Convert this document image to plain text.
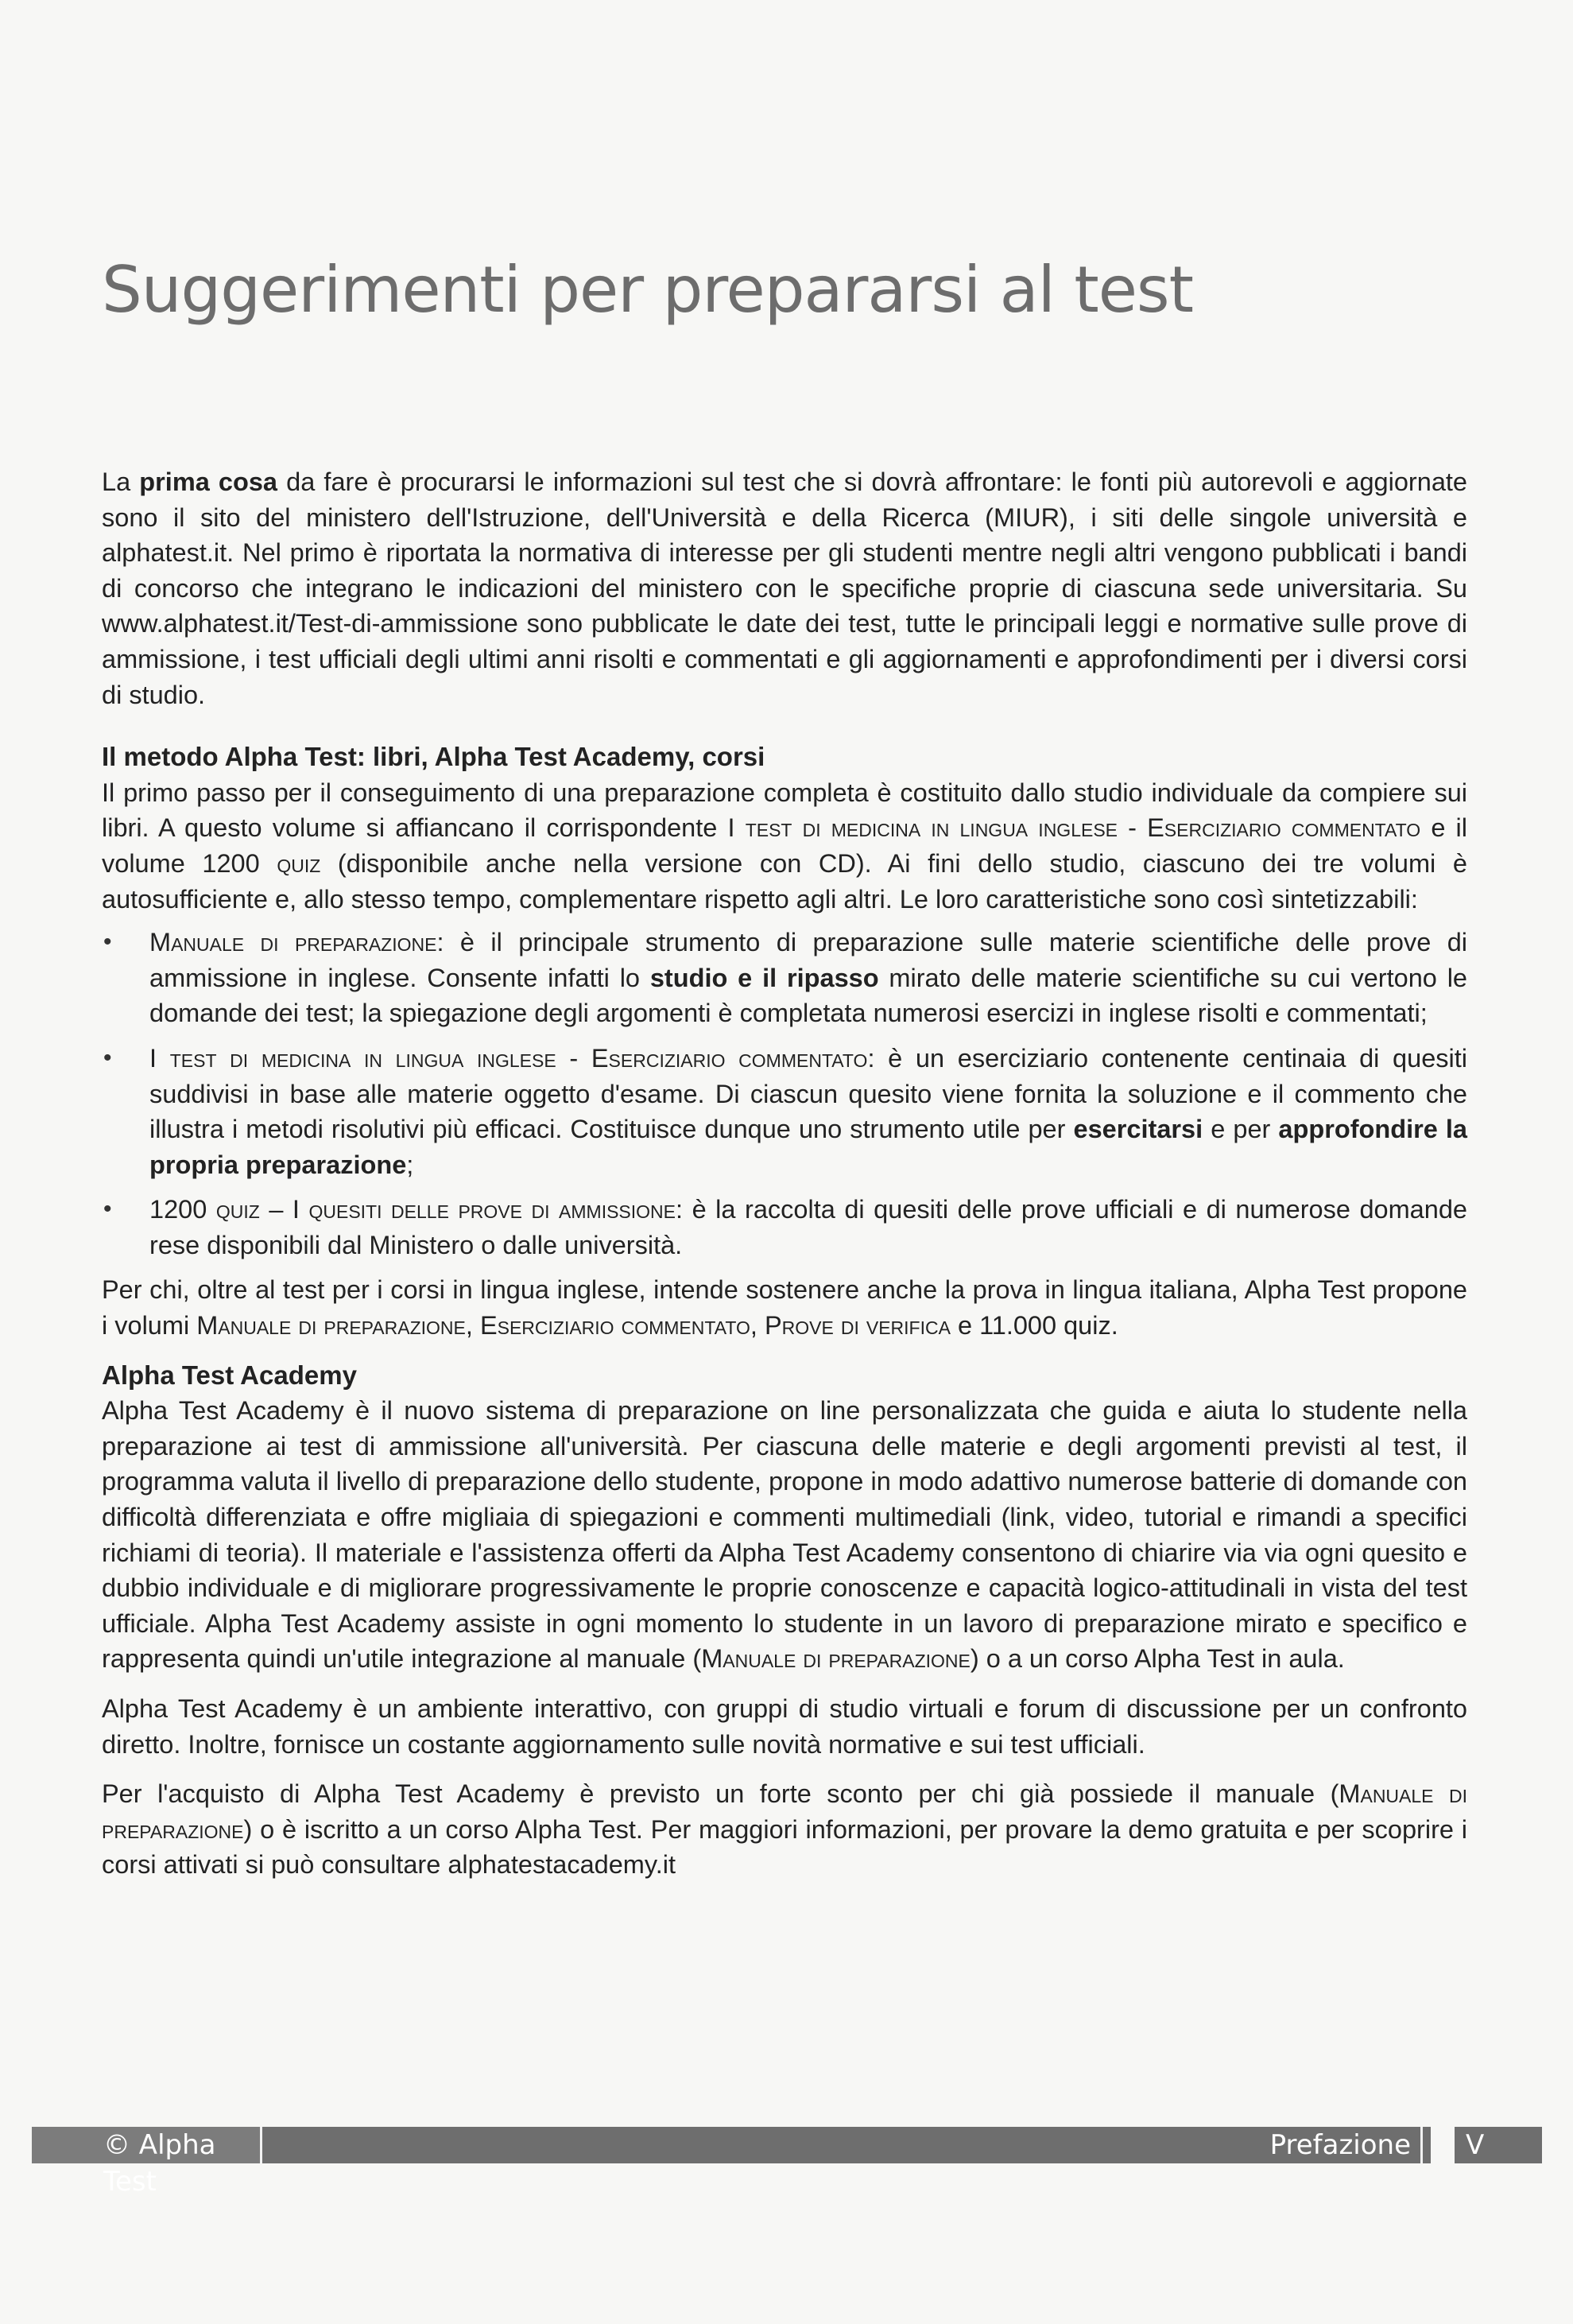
Suggerimenti per prepararsi al test

La prima cosa da fare è procurarsi le informazioni sul test che si dovrà affrontare: le fonti più autorevoli e aggiornate sono il sito del ministero dell'Istruzione, dell'Università e della Ricerca (MIUR), i siti delle singole università e alphatest.it. Nel primo è riportata la normativa di interesse per gli studenti mentre negli altri vengono pubblicati i bandi di concorso che integrano le indicazioni del ministero con le specifiche proprie di ciascuna sede universitaria. Su www.alphatest.it/Test-di-ammissione sono pubblicate le date dei test, tutte le principali leggi e normative sulle prove di ammissione, i test ufficiali degli ultimi anni risolti e commentati e gli aggiornamenti e approfondimenti per i diversi corsi di studio.

Il metodo Alpha Test: libri, Alpha Test Academy, corsi

Il primo passo per il conseguimento di una preparazione completa è costituito dallo studio individuale da compiere sui libri. A questo volume si affiancano il corrispondente I test di medicina in lingua inglese - Eserciziario commentato e il volume 1200 quiz (disponibile anche nella versione con CD). Ai fini dello studio, ciascuno dei tre volumi è autosufficiente e, allo stesso tempo, complementare rispetto agli altri. Le loro caratteristiche sono così sintetizzabili:

• Manuale di preparazione: è il principale strumento di preparazione sulle materie scientifiche delle prove di ammissione in inglese. Consente infatti lo studio e il ripasso mirato delle materie scientifiche su cui vertono le domande dei test; la spiegazione degli argomenti è completata numerosi esercizi in inglese risolti e commentati;
• I test di medicina in lingua inglese - Eserciziario commentato: è un eserciziario contenente centinaia di quesiti suddivisi in base alle materie oggetto d'esame. Di ciascun quesito viene fornita la soluzione e il commento che illustra i metodi risolutivi più efficaci. Costituisce dunque uno strumento utile per esercitarsi e per approfondire la propria preparazione;
• 1200 quiz – I quesiti delle prove di ammissione: è la raccolta di quesiti delle prove ufficiali e di numerose domande rese disponibili dal Ministero o dalle università.

Per chi, oltre al test per i corsi in lingua inglese, intende sostenere anche la prova in lingua italiana, Alpha Test propone i volumi Manuale di preparazione, Eserciziario commentato, Prove di verifica e 11.000 quiz.

Alpha Test Academy

Alpha Test Academy è il nuovo sistema di preparazione on line personalizzata che guida e aiuta lo studente nella preparazione ai test di ammissione all'università. Per ciascuna delle materie e degli argomenti previsti al test, il programma valuta il livello di preparazione dello studente, propone in modo adattivo numerose batterie di domande con difficoltà differenziata e offre migliaia di spiegazioni e commenti multimediali (link, video, tutorial e rimandi a specifici richiami di teoria). Il materiale e l'assistenza offerti da Alpha Test Academy consentono di chiarire via via ogni quesito e dubbio individuale e di migliorare progressivamente le proprie conoscenze e capacità logico-attitudinali in vista del test ufficiale. Alpha Test Academy assiste in ogni momento lo studente in un lavoro di preparazione mirato e specifico e rappresenta quindi un'utile integrazione al manuale (Manuale di preparazione) o a un corso Alpha Test in aula.

Alpha Test Academy è un ambiente interattivo, con gruppi di studio virtuali e forum di discussione per un confronto diretto. Inoltre, fornisce un costante aggiornamento sulle novità normative e sui test ufficiali.

Per l'acquisto di Alpha Test Academy è previsto un forte sconto per chi già possiede il manuale (Manuale di preparazione) o è iscritto a un corso Alpha Test. Per maggiori informazioni, per provare la demo gratuita e per scoprire i corsi attivati si può consultare alphatestacademy.it

© Alpha Test
Prefazione	V
